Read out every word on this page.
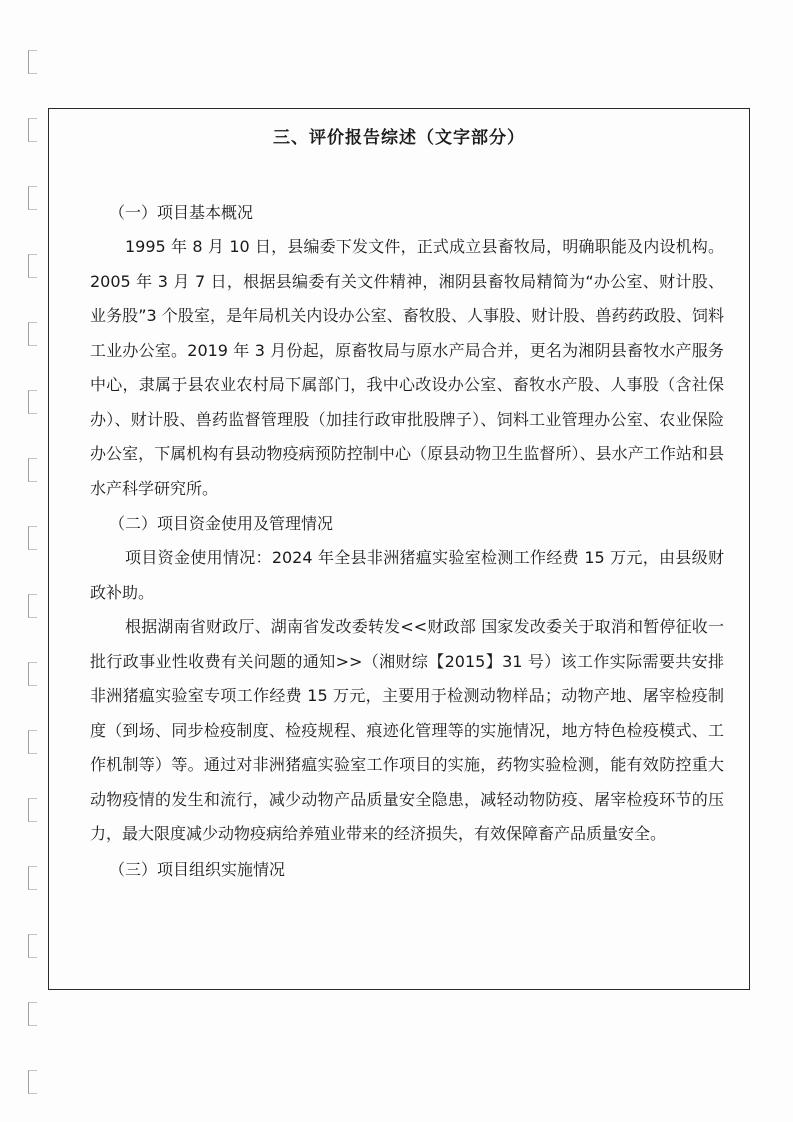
三、评价报告综述（文字部分）
（一）项目基本概况

1995 年 8 月 10 日，县编委下发文件，正式成立县畜牧局，明确职能及内设机构。2005 年 3 月 7 日，根据县编委有关文件精神，湘阴县畜牧局精简为“办公室、财计股、业务股”3 个股室，是年局机关内设办公室、畜牧股、人事股、财计股、兽药药政股、饲料工业办公室。2019 年 3 月份起，原畜牧局与原水产局合并，更名为湘阴县畜牧水产服务中心，隶属于县农业农村局下属部门，我中心改设办公室、畜牧水产股、人事股（含社保办）、财计股、兽药监督管理股（加挂行政审批股牌子）、饲料工业管理办公室、农业保险办公室，下属机构有县动物疫病预防控制中心（原县动物卫生监督所）、县水产工作站和县水产科学研究所。

（二）项目资金使用及管理情况

项目资金使用情况：2024 年全县非洲猪瘟实验室检测工作经费 15 万元，由县级财政补助。

根据湖南省财政厅、湖南省发改委转发<<财政部 国家发改委关于取消和暂停征收一批行政事业性收费有关问题的通知>>（湘财综【2015】31 号）该工作实际需要共安排非洲猪瘟实验室专项工作经费 15 万元，主要用于检测动物样品；动物产地、屠宰检疫制度（到场、同步检疫制度、检疫规程、痕迹化管理等的实施情况，地方特色检疫模式、工作机制等）等。通过对非洲猪瘟实验室工作项目的实施，药物实验检测，能有效防控重大动物疫情的发生和流行，减少动物产品质量安全隐患，减轻动物防疫、屠宰检疫环节的压力，最大限度减少动物疫病给养殖业带来的经济损失，有效保障畜产品质量安全。

（三）项目组织实施情况
